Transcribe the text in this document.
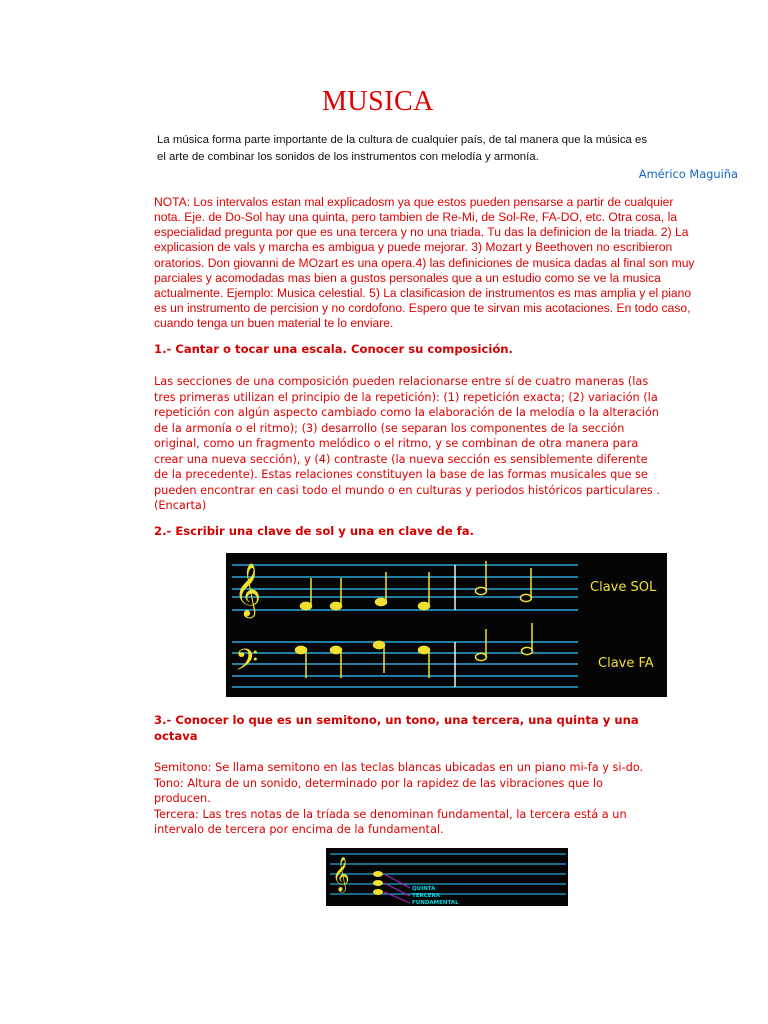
MUSICA
La música forma parte importante de la cultura de cualquier país, de tal manera que la música es
el arte de combinar los sonidos de los instrumentos con melodía y armonía.
Américo Maguiña
NOTA: Los intervalos estan mal explicadosm ya que estos pueden pensarse a partir de cualquier
nota. Eje. de Do-Sol hay una quinta, pero tambien de Re-Mi, de Sol-Re, FA-DO, etc. Otra cosa, la
especialidad pregunta por que es una tercera y no una triada. Tu das la definicion de la triada. 2) La
explicasion de vals y marcha es ambigua y puede mejorar. 3) Mozart y Beethoven no escribieron
oratorios. Don giovanni de MOzart es una opera.4) las definiciones de musica dadas al final son muy
parciales y acomodadas mas bien a gustos personales que a un estudio como se ve la musica
actualmente. Ejemplo: Musica celestial. 5) La clasificasion de instrumentos es mas amplia y el piano
es un instrumento de percision y no cordofono. Espero que te sirvan mis acotaciones. En todo caso,
cuando tenga un buen material te lo enviare.
1.- Cantar o tocar una escala. Conocer su composición.
Las secciones de una composición pueden relacionarse entre sí de cuatro maneras (las
tres primeras utilizan el principio de la repetición): (1) repetición exacta; (2) variación (la
repetición con algún aspecto cambiado como la elaboración de la melodía o la alteración
de la armonía o el ritmo); (3) desarrollo (se separan los componentes de la sección
original, como un fragmento melódico o el ritmo, y se combinan de otra manera para
crear una nueva sección), y (4) contraste (la nueva sección es sensiblemente diferente
de la precedente). Estas relaciones constituyen la base de las formas musicales que se
pueden encontrar en casi todo el mundo o en culturas y periodos históricos particulares .
(Encarta)
2.- Escribir una clave de sol y una en clave de fa.
𝄞	Clave SOL
𝄢	Clave FA
3.- Conocer lo que es un semitono, un tono, una tercera, una quinta y una
octava
Semitono: Se llama semitono en las teclas blancas ubicadas en un piano mi-fa y si-do.
Tono: Altura de un sonido, determinado por la rapidez de las vibraciones que lo
producen.
Tercera: Las tres notas de la tríada se denominan fundamental, la tercera está a un
intervalo de tercera por encima de la fundamental.
𝄞	QUINTA
TERCERA
FUNDAMENTAL
